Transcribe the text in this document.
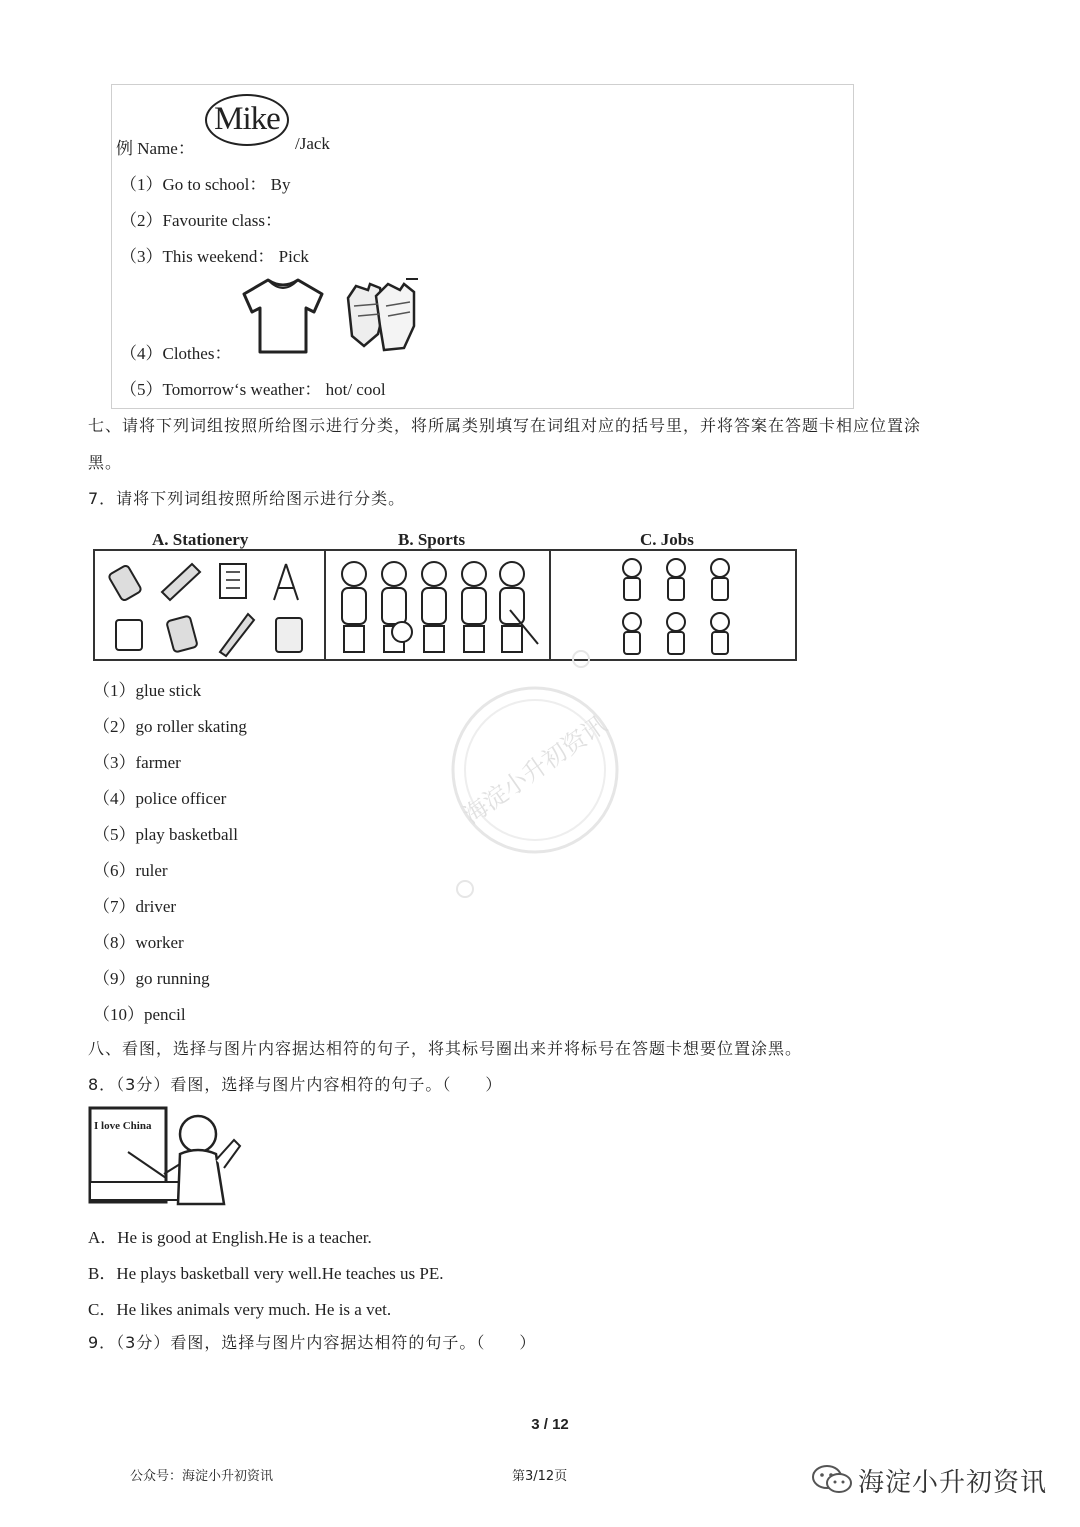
例 Name：
Mike
/Jack
（1）Go to school： By
（2）Favourite class：
（3）This weekend： Pick
（4）Clothes：
（5）Tomorrow‘s weather： hot/ cool
七、请将下列词组按照所给图示进行分类，将所属类别填写在词组对应的括号里，并将答案在答题卡相应位置涂
黑。
7．请将下列词组按照所给图示进行分类。
A. Stationery	B. Sports	C. Jobs
（1）glue stick
（2）go roller skating
（3）farmer
（4）police officer
（5）play basketball
（6）ruler
（7）driver
（8）worker
（9）go running
（10）pencil
海淀小升初资讯
八、看图，选择与图片内容据达相符的句子，将其标号圈出来并将标号在答题卡想要位置涂黑。
8．（3分）看图，选择与图片内容相符的句子。（　　）
I love China
A．He is good at English.He is a teacher.
B．He plays basketball very well.He teaches us PE.
C．He likes animals very much. He is a vet.
9．（3分）看图，选择与图片内容据达相符的句子。（　　）
3 / 12
公众号：海淀小升初资讯	第3/12页	海淀小升初资讯
